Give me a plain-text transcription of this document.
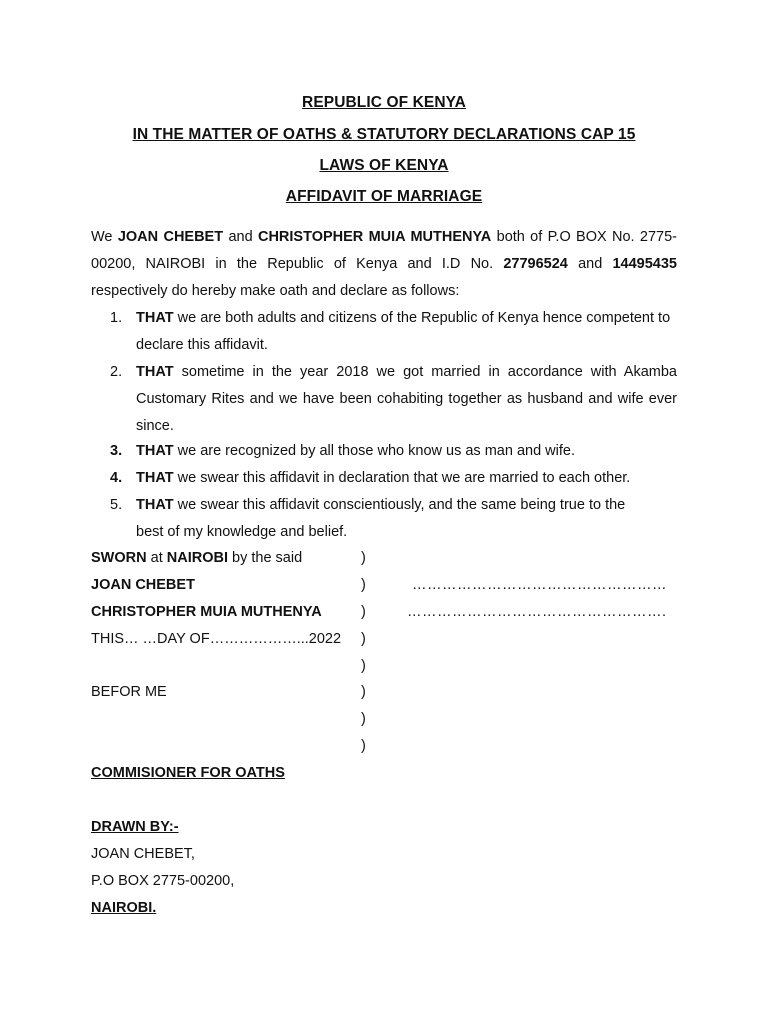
REPUBLIC OF KENYA
IN THE MATTER OF OATHS & STATUTORY DECLARATIONS CAP 15
LAWS OF KENYA
AFFIDAVIT OF MARRIAGE
We JOAN CHEBET and CHRISTOPHER MUIA MUTHENYA both of P.O BOX No. 2775-00200, NAIROBI in the Republic of Kenya and I.D No. 27796524 and 14495435
respectively do hereby make oath and declare as follows:
1. THAT we are both adults and citizens of the Republic of Kenya hence competent to declare this affidavit.
2. THAT sometime in the year 2018 we got married in accordance with Akamba Customary Rites and we have been cohabiting together as husband and wife ever since.
3. THAT we are recognized by all those who know us as man and wife.
4. THAT we swear this affidavit in declaration that we are married to each other.
5. THAT we swear this affidavit conscientiously, and the same being true to the best of my knowledge and belief.
SWORN at NAIROBI by the said	)
JOAN CHEBET	)	……………………………………………
CHRISTOPHER MUIA MUTHENYA	)	…………………………………………….
THIS… …DAY OF………………...2022 )
)
BEFOR ME	)
)
)
COMMISIONER FOR OATHS
DRAWN BY:-
JOAN CHEBET,
P.O BOX 2775-00200,
NAIROBI.
